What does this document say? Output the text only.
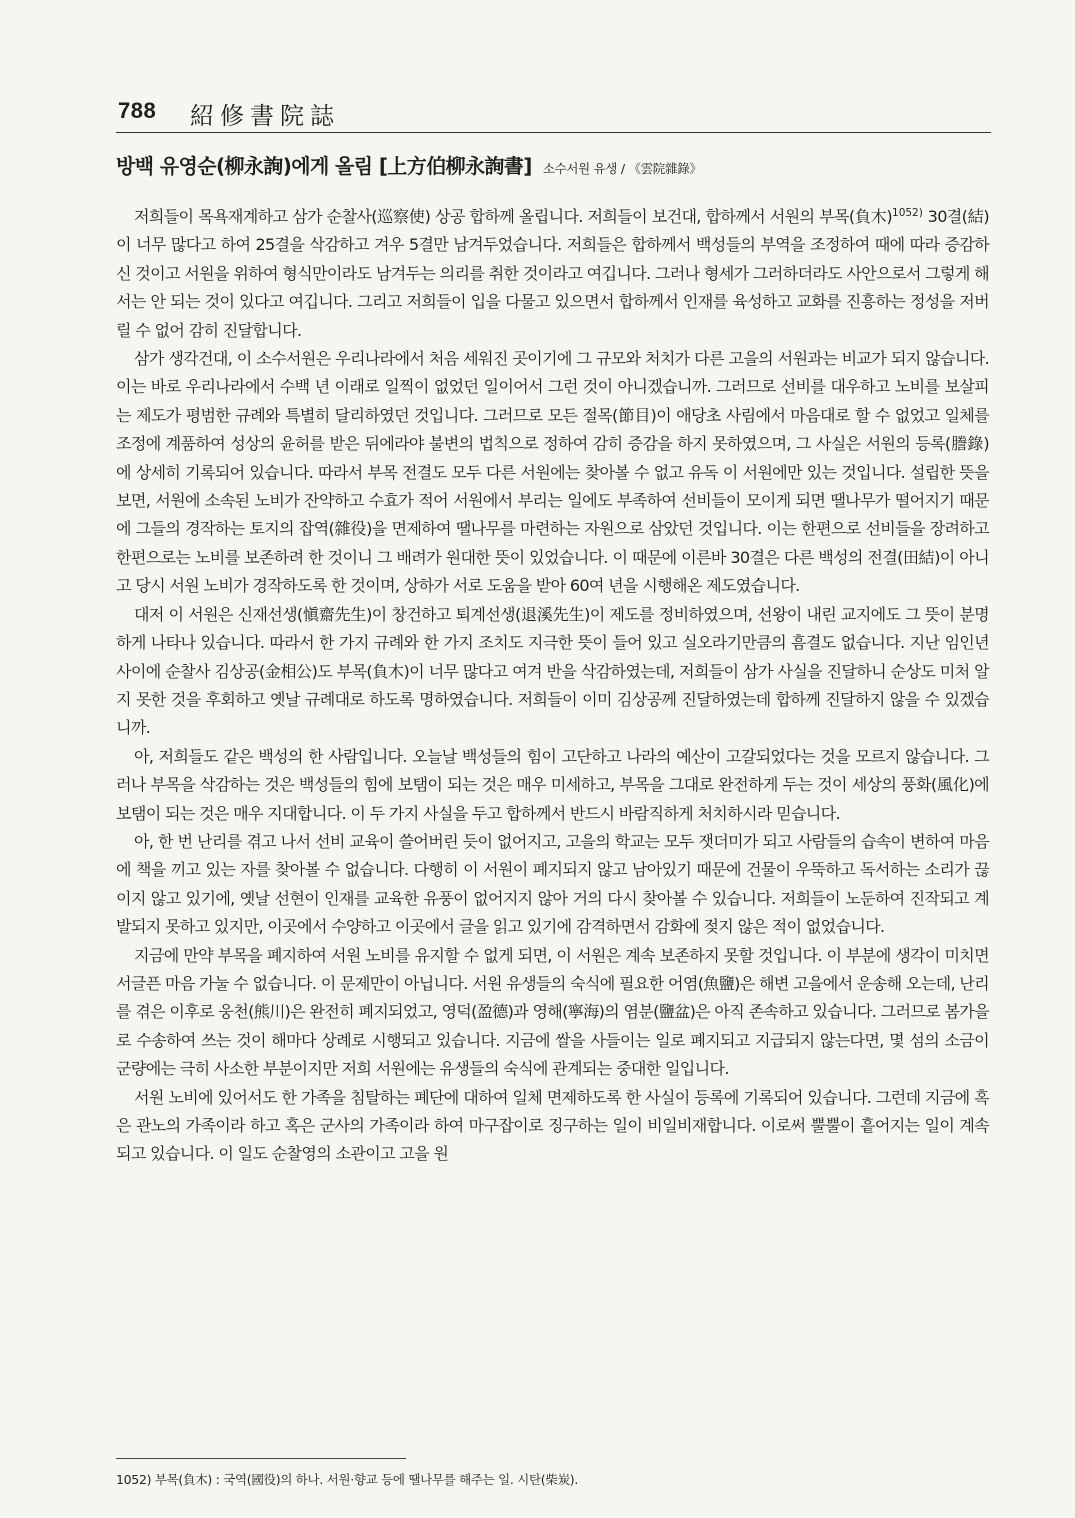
788 紹修書院誌
방백 유영순(柳永詢)에게 올림 [上方伯柳永詢書] 소수서원 유생 / 《雲院雜錄》

저희들이 목욕재계하고 삼가 순찰사(巡察使) 상공 합하께 올립니다. 저희들이 보건대, 합하께서 서원의 부목(負木)$^{1052)}$ 30결(結)이 너무 많다고 하여 25결을 삭감하고 겨우 5결만 남겨두었습니다. 저희들은 합하께서 백성들의 부역을 조정하여 때에 따라 증감하신 것이고 서원을 위하여 형식만이라도 남겨두는 의리를 취한 것이라고 여깁니다. 그러나 형세가 그러하더라도 사안으로서 그렇게 해서는 안 되는 것이 있다고 여깁니다. 그리고 저희들이 입을 다물고 있으면서 합하께서 인재를 육성하고 교화를 진흥하는 정성을 저버릴 수 없어 감히 진달합니다.

삼가 생각건대, 이 소수서원은 우리나라에서 처음 세워진 곳이기에 그 규모와 처치가 다른 고을의 서원과는 비교가 되지 않습니다. 이는 바로 우리나라에서 수백 년 이래로 일찍이 없었던 일이어서 그런 것이 아니겠습니까. 그러므로 선비를 대우하고 노비를 보살피는 제도가 평범한 규례와 특별히 달리하였던 것입니다. 그러므로 모든 절목(節目)이 애당초 사림에서 마음대로 할 수 없었고 일체를 조정에 계품하여 성상의 윤허를 받은 뒤에라야 불변의 법칙으로 정하여 감히 증감을 하지 못하였으며, 그 사실은 서원의 등록(謄錄)에 상세히 기록되어 있습니다. 따라서 부목 전결도 모두 다른 서원에는 찾아볼 수 없고 유독 이 서원에만 있는 것입니다. 설립한 뜻을 보면, 서원에 소속된 노비가 잔약하고 수효가 적어 서원에서 부리는 일에도 부족하여 선비들이 모이게 되면 땔나무가 떨어지기 때문에 그들의 경작하는 토지의 잡역(雜役)을 면제하여 땔나무를 마련하는 자원으로 삼았던 것입니다. 이는 한편으로 선비들을 장려하고 한편으로는 노비를 보존하려 한 것이니 그 배려가 원대한 뜻이 있었습니다. 이 때문에 이른바 30결은 다른 백성의 전결(田結)이 아니고 당시 서원 노비가 경작하도록 한 것이며, 상하가 서로 도움을 받아 60여 년을 시행해온 제도였습니다.

대저 이 서원은 신재선생(愼齋先生)이 창건하고 퇴계선생(退溪先生)이 제도를 정비하였으며, 선왕이 내린 교지에도 그 뜻이 분명하게 나타나 있습니다. 따라서 한 가지 규례와 한 가지 조치도 지극한 뜻이 들어 있고 실오라기만큼의 흠결도 없습니다. 지난 임인년 사이에 순찰사 김상공(金相公)도 부목(負木)이 너무 많다고 여겨 반을 삭감하였는데, 저희들이 삼가 사실을 진달하니 순상도 미처 알지 못한 것을 후회하고 옛날 규례대로 하도록 명하였습니다. 저희들이 이미 김상공께 진달하였는데 합하께 진달하지 않을 수 있겠습니까.

아, 저희들도 같은 백성의 한 사람입니다. 오늘날 백성들의 힘이 고단하고 나라의 예산이 고갈되었다는 것을 모르지 않습니다. 그러나 부목을 삭감하는 것은 백성들의 힘에 보탬이 되는 것은 매우 미세하고, 부목을 그대로 완전하게 두는 것이 세상의 풍화(風化)에 보탬이 되는 것은 매우 지대합니다. 이 두 가지 사실을 두고 합하께서 반드시 바람직하게 처치하시라 믿습니다.

아, 한 번 난리를 겪고 나서 선비 교육이 쓸어버린 듯이 없어지고, 고을의 학교는 모두 잿더미가 되고 사람들의 습속이 변하여 마음에 책을 끼고 있는 자를 찾아볼 수 없습니다. 다행히 이 서원이 폐지되지 않고 남아있기 때문에 건물이 우뚝하고 독서하는 소리가 끊이지 않고 있기에, 옛날 선현이 인재를 교육한 유풍이 없어지지 않아 거의 다시 찾아볼 수 있습니다. 저희들이 노둔하여 진작되고 계발되지 못하고 있지만, 이곳에서 수양하고 이곳에서 글을 읽고 있기에 감격하면서 감화에 젖지 않은 적이 없었습니다.

지금에 만약 부목을 폐지하여 서원 노비를 유지할 수 없게 되면, 이 서원은 계속 보존하지 못할 것입니다. 이 부분에 생각이 미치면 서글픈 마음 가눌 수 없습니다. 이 문제만이 아닙니다. 서원 유생들의 숙식에 필요한 어염(魚鹽)은 해변 고을에서 운송해 오는데, 난리를 겪은 이후로 웅천(熊川)은 완전히 폐지되었고, 영덕(盈德)과 영해(寧海)의 염분(鹽盆)은 아직 존속하고 있습니다. 그러므로 봄가을로 수송하여 쓰는 것이 해마다 상례로 시행되고 있습니다. 지금에 쌀을 사들이는 일로 폐지되고 지급되지 않는다면, 몇 섬의 소금이 군량에는 극히 사소한 부분이지만 저희 서원에는 유생들의 숙식에 관계되는 중대한 일입니다.

서원 노비에 있어서도 한 가족을 침탈하는 폐단에 대하여 일체 면제하도록 한 사실이 등록에 기록되어 있습니다. 그런데 지금에 혹은 관노의 가족이라 하고 혹은 군사의 가족이라 하여 마구잡이로 징구하는 일이 비일비재합니다. 이로써 뿔뿔이 흩어지는 일이 계속되고 있습니다. 이 일도 순찰영의 소관이고 고을 원

1052) 부목(負木) : 국역(國役)의 하나. 서원·향교 등에 땔나무를 해주는 일. 시탄(柴炭).
